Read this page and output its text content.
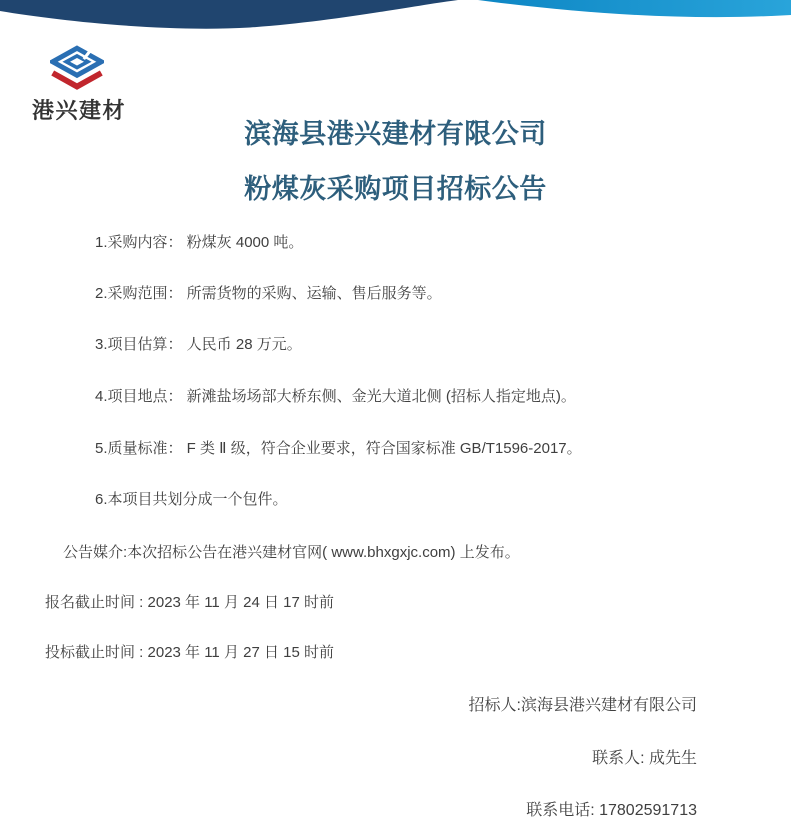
港兴建材
滨海县港兴建材有限公司
粉煤灰采购项目招标公告

1.采购内容： 粉煤灰 4000 吨。

2.采购范围： 所需货物的采购、运输、售后服务等。

3.项目估算： 人民币 28 万元。

4.项目地点： 新滩盐场场部大桥东侧、金光大道北侧 (招标人指定地点)。

5.质量标准： F 类 Ⅱ 级，符合企业要求，符合国家标准 GB/T1596-2017。

6.本项目共划分成一个包件。

公告媒介:本次招标公告在港兴建材官网( www.bhxgxjc.com) 上发布。

报名截止时间 : 2023 年 11 月 24 日 17 时前

投标截止时间 : 2023 年 11 月 27 日 15 时前

招标人:滨海县港兴建材有限公司

联系人: 成先生

联系电话: 17802591713
